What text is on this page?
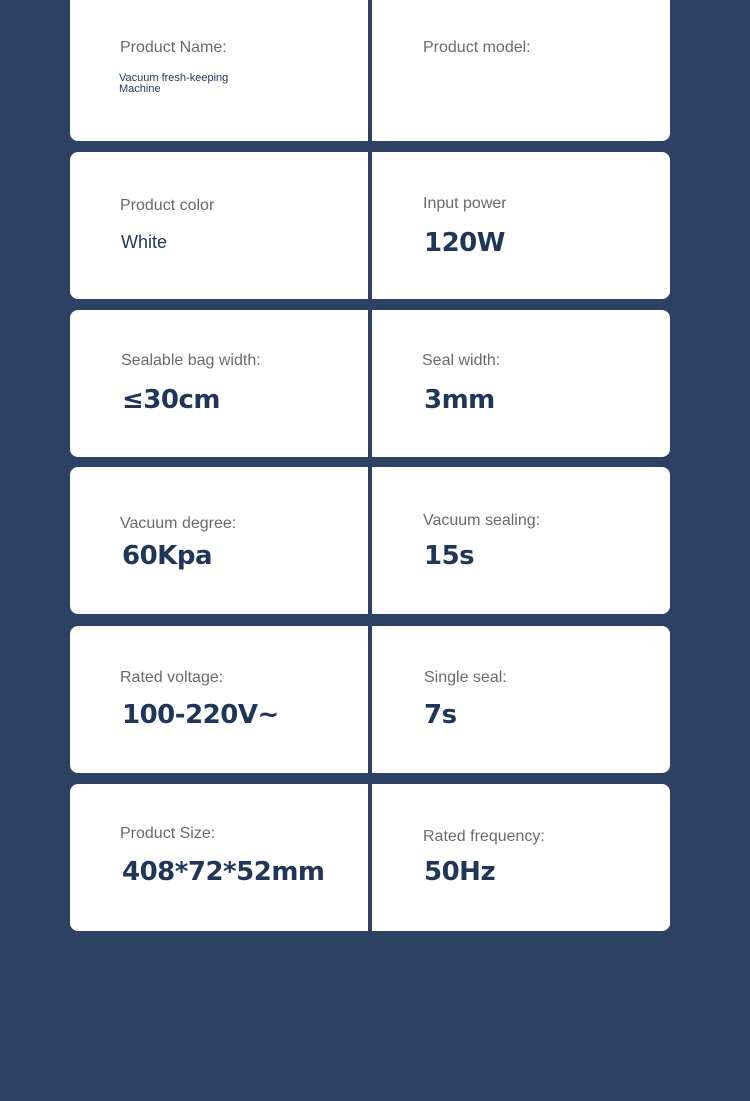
Product Name:
Vacuum fresh-keeping Machine
Product model:
Product color
White
Input power
120W
Sealable bag width:
≤30cm
Seal width:
3mm
Vacuum degree:
60Kpa
Vacuum sealing:
15s
Rated voltage:
100-220V~
Single seal:
7s
Product Size:
408*72*52mm
Rated frequency:
50Hz
